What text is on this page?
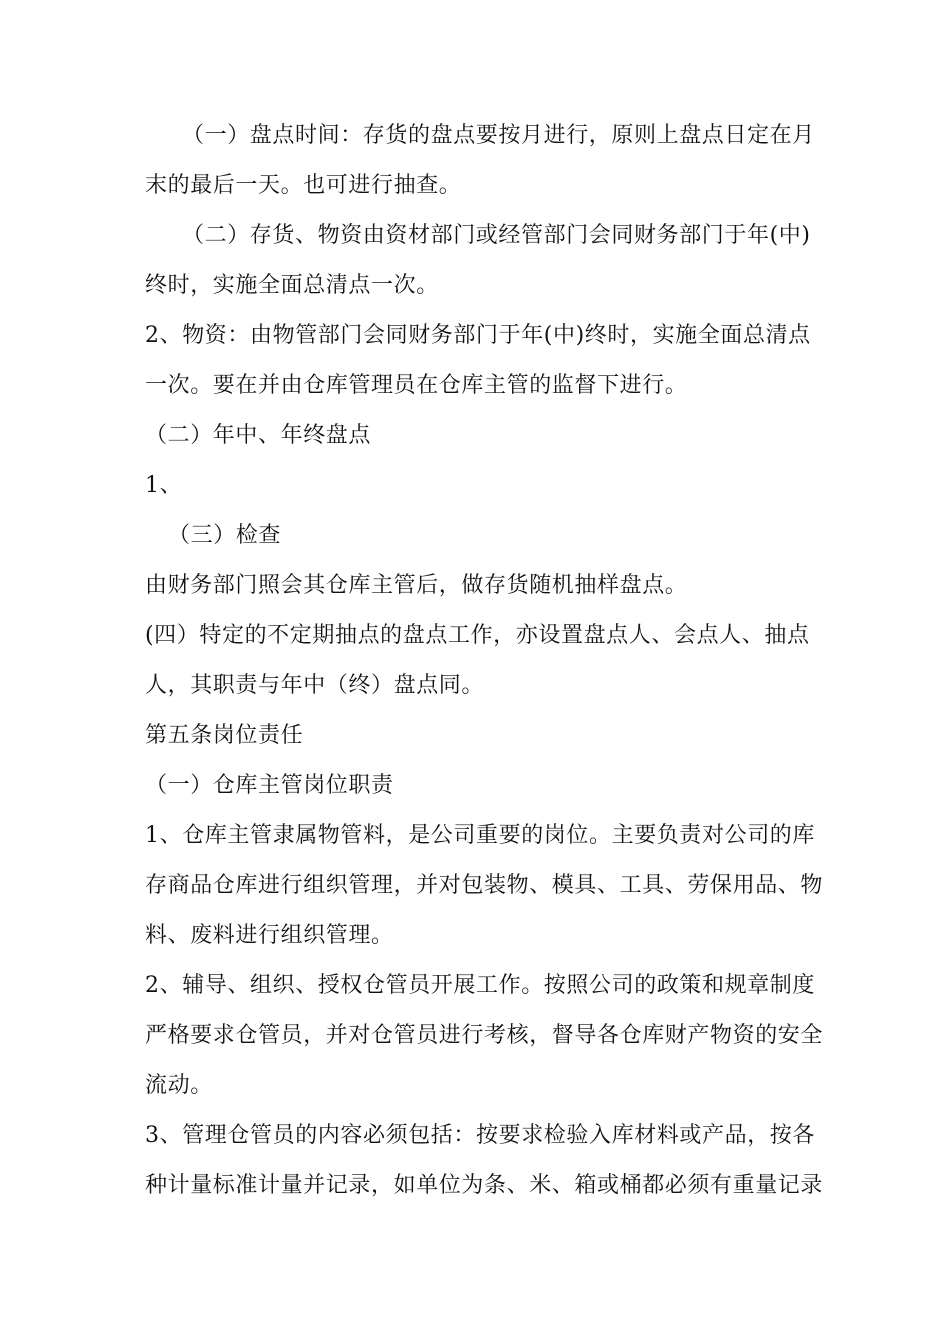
（一）盘点时间：存货的盘点要按月进行，原则上盘点日定在月
末的最后一天。也可进行抽查。
（二）存货、物资由资材部门或经管部门会同财务部门于年(中)
终时，实施全面总清点一次。
2、物资：由物管部门会同财务部门于年(中)终时，实施全面总清点
一次。要在并由仓库管理员在仓库主管的监督下进行。
（二）年中、年终盘点
1、
（三）检查
由财务部门照会其仓库主管后，做存货随机抽样盘点。
(四）特定的不定期抽点的盘点工作，亦设置盘点人、会点人、抽点
人，其职责与年中（终）盘点同。
第五条岗位责任
（一）仓库主管岗位职责
1、仓库主管隶属物管料，是公司重要的岗位。主要负责对公司的库
存商品仓库进行组织管理，并对包装物、模具、工具、劳保用品、物
料、废料进行组织管理。
2、辅导、组织、授权仓管员开展工作。按照公司的政策和规章制度
严格要求仓管员，并对仓管员进行考核，督导各仓库财产物资的安全
流动。
3、管理仓管员的内容必须包括：按要求检验入库材料或产品，按各
种计量标准计量并记录，如单位为条、米、箱或桶都必须有重量记录
